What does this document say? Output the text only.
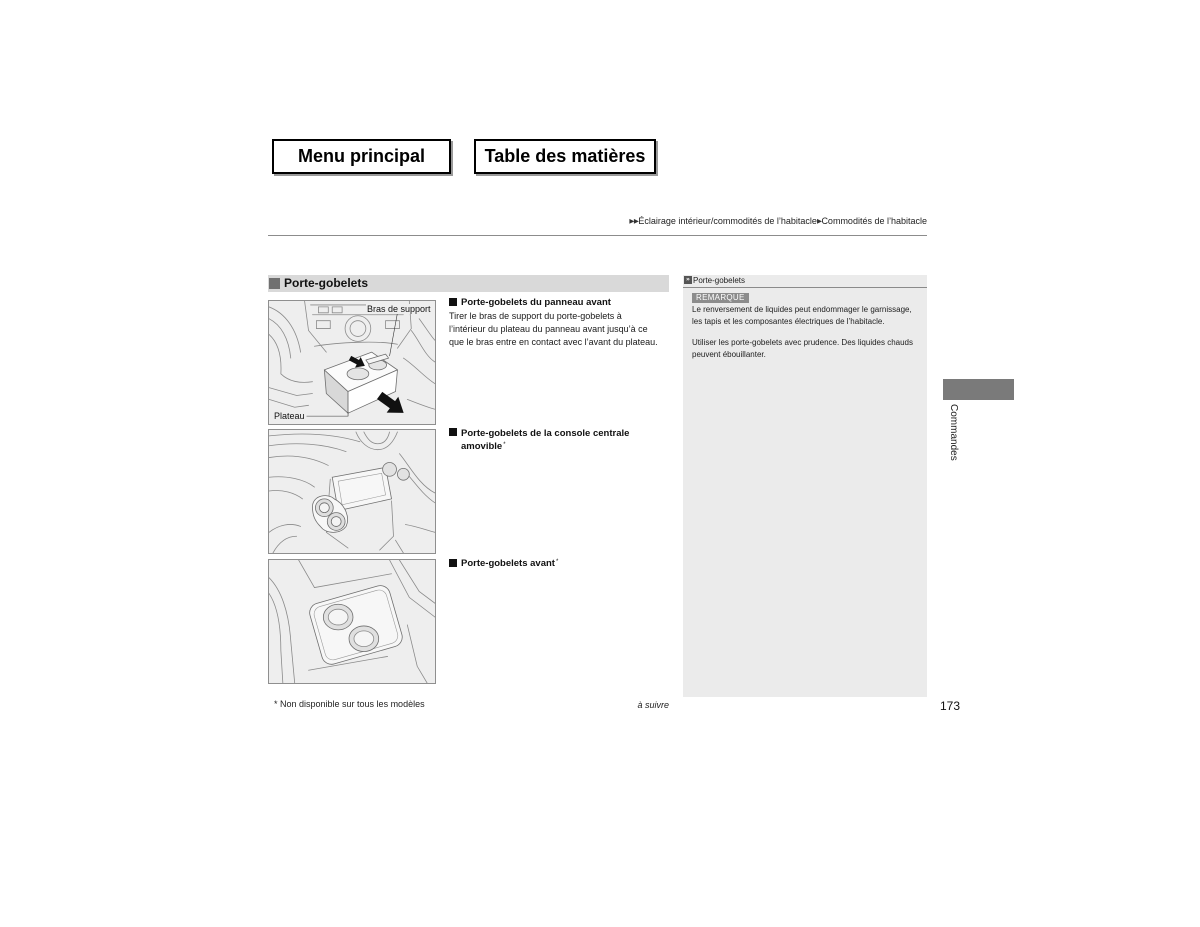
Menu principal	Table des matières
▶▶Éclairage intérieur/commodités de l’habitacle▶Commodités de l’habitacle
Porte-gobelets
Bras de support
Plateau
Porte-gobelets du panneau avant
Tirer le bras de support du porte-gobelets à
l’intérieur du plateau du panneau avant jusqu’à ce
que le bras entre en contact avec l’avant du plateau.
Porte-gobelets de la console centrale
amovible*
Porte-gobelets avant*
» Porte-gobelets
REMARQUE
Le renversement de liquides peut endommager le garnissage,
les tapis et les composantes électriques de l’habitacle.
Utiliser les porte-gobelets avec prudence. Des liquides chauds
peuvent ébouillanter.
* Non disponible sur tous les modèles	à suivre	173
Commandes
